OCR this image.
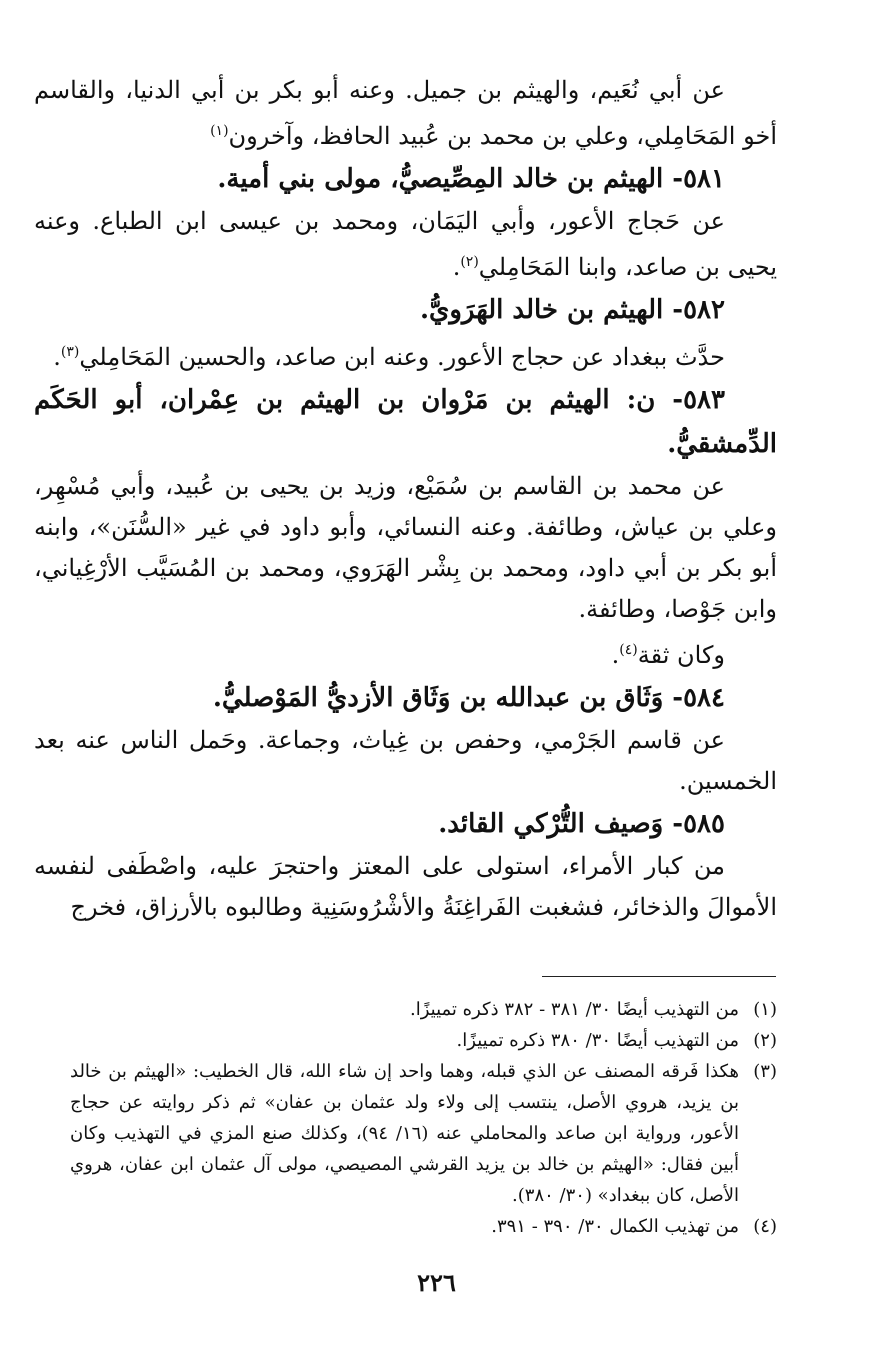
عن أبي نُعَيم، والهيثم بن جميل. وعنه أبو بكر بن أبي الدنيا، والقاسم أخو المَحَامِلي، وعلي بن محمد بن عُبيد الحافظ، وآخرون$^{(١)}$

٥٨١- الهيثم بن خالد المِصِّيصيُّ، مولى بني أمية.

عن حَجاج الأعور، وأبي اليَمَان، ومحمد بن عيسى ابن الطباع. وعنه يحيى بن صاعد، وابنا المَحَامِلي$^{(٢)}$.

٥٨٢- الهيثم بن خالد الهَرَويُّ.

حدَّث ببغداد عن حجاج الأعور. وعنه ابن صاعد، والحسين المَحَامِلي$^{(٣)}$.

٥٨٣- ن: الهيثم بن مَرْوان بن الهيثم بن عِمْران، أبو الحَكَم الدِّمشقيُّ.

عن محمد بن القاسم بن سُمَيْع، وزيد بن يحيى بن عُبيد، وأبي مُسْهِر، وعلي بن عياش، وطائفة. وعنه النسائي، وأبو داود في غير «السُّنَن»، وابنه أبو بكر بن أبي داود، ومحمد بن بِشْر الهَرَوي، ومحمد بن المُسَيَّب الأرْغِياني، وابن جَوْصا، وطائفة.

وكان ثقة$^{(٤)}$.

٥٨٤- وَثَاق بن عبدالله بن وَثَاق الأزديُّ المَوْصليُّ.

عن قاسم الجَرْمي، وحفص بن غِياث، وجماعة. وحَمل الناس عنه بعد الخمسين.

٥٨٥- وَصيف التُّرْكي القائد.

من كبار الأمراء، استولى على المعتز واحتجرَ عليه، واصْطَفى لنفسه الأموالَ والذخائر، فشغبت الفَراغِنَةُ والأشْرُوسَنِية وطالبوه بالأرزاق، فخرج

(١)
من التهذيب أيضًا ٣٠/ ٣٨١ - ٣٨٢ ذكره تمييزًا.
(٢)
من التهذيب أيضًا ٣٠/ ٣٨٠ ذكره تمييزًا.
(٣)
هكذا فَرقه المصنف عن الذي قبله، وهما واحد إن شاء الله، قال الخطيب: «الهيثم بن خالد بن يزيد، هروي الأصل، ينتسب إلى ولاء ولد عثمان بن عفان» ثم ذكر روايته عن حجاج الأعور، ورواية ابن صاعد والمحاملي عنه (١٦/ ٩٤)، وكذلك صنع المزي في التهذيب وكان أبين فقال: «الهيثم بن خالد بن يزيد القرشي المصيصي، مولى آل عثمان ابن عفان، هروي الأصل، كان ببغداد» (٣٠/ ٣٨٠).
(٤)
من تهذيب الكمال ٣٠/ ٣٩٠ - ٣٩١.
٢٢٦
